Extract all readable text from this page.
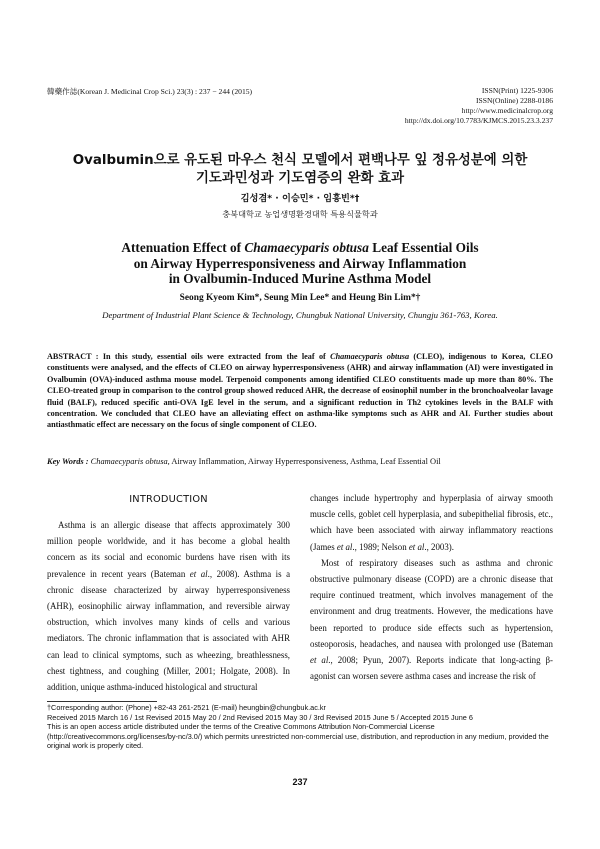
韓藥作誌(Korean J. Medicinal Crop Sci.) 23(3) : 237 − 244 (2015)	ISSN(Print) 1225-9306
ISSN(Online) 2288-0186
http://www.medicinalcrop.org
http://dx.doi.org/10.7783/KJMCS.2015.23.3.237
Ovalbumin으로 유도된 마우스 천식 모델에서 편백나무 잎 정유성분에 의한
기도과민성과 기도염증의 완화 효과
김성겸* · 이승민* · 임흥빈*†
충북대학교 농업생명환경대학 특용식물학과
Attenuation Effect of Chamaecyparis obtusa Leaf Essential Oils
on Airway Hyperresponsiveness and Airway Inflammation
in Ovalbumin-Induced Murine Asthma Model
Seong Kyeom Kim*, Seung Min Lee* and Heung Bin Lim*†
Department of Industrial Plant Science & Technology, Chungbuk National University, Chungju 361-763, Korea.
ABSTRACT : In this study, essential oils were extracted from the leaf of Chamaecyparis obtusa (CLEO), indigenous to Korea, CLEO constituents were analysed, and the effects of CLEO on airway hyperresponsiveness (AHR) and airway inflammation (AI) were investigated in Ovalbumin (OVA)-induced asthma mouse model. Terpenoid components among identified CLEO constituents made up more than 80%. The CLEO-treated group in comparison to the control group showed reduced AHR, the decrease of eosinophil number in the bronchoalveolar lavage fluid (BALF), reduced specific anti-OVA IgE level in the serum, and a significant reduction in Th2 cytokines levels in the BALF with concentration. We concluded that CLEO have an alleviating effect on asthma-like symptoms such as AHR and AI. Further studies about antiasthmatic effect are necessary on the focus of single component of CLEO.
Key Words : Chamaecyparis obtusa, Airway Inflammation, Airway Hyperresponsiveness, Asthma, Leaf Essential Oil
INTRODUCTION

Asthma is an allergic disease that affects approximately 300 million people worldwide, and it has become a global health concern as its social and economic burdens have risen with its prevalence in recent years (Bateman et al., 2008). Asthma is a chronic disease characterized by airway hyperresponsiveness (AHR), eosinophilic airway inflammation, and reversible airway obstruction, which involves many kinds of cells and various mediators. The chronic inflammation that is associated with AHR can lead to clinical symptoms, such as wheezing, breathlessness, chest tightness, and coughing (Miller, 2001; Holgate, 2008). In addition, unique asthma-induced histological and structural

changes include hypertrophy and hyperplasia of airway smooth muscle cells, goblet cell hyperplasia, and subepithelial fibrosis, etc., which have been associated with airway inflammatory reactions (James et al., 1989; Nelson et al., 2003).

Most of respiratory diseases such as asthma and chronic obstructive pulmonary disease (COPD) are a chronic disease that require continued treatment, which involves management of the environment and drug treatments. However, the medications have been reported to produce side effects such as hypertension, osteoporosis, headaches, and nausea with prolonged use (Bateman et al., 2008; Pyun, 2007). Reports indicate that long-acting β-agonist can worsen severe asthma cases and increase the risk of

†Corresponding author: (Phone) +82-43 261-2521 (E-mail) heungbin@chungbuk.ac.kr
Received 2015 March 16 / 1st Revised 2015 May 20 / 2nd Revised 2015 May 30 / 3rd Revised 2015 June 5 / Accepted 2015 June 6
This is an open access article distributed under the terms of the Creative Commons Attribution Non-Commercial License (http://creativecommons.org/licenses/by-nc/3.0/) which permits unrestricted non-commercial use, distribution, and reproduction in any medium, provided the original work is properly cited.
237
